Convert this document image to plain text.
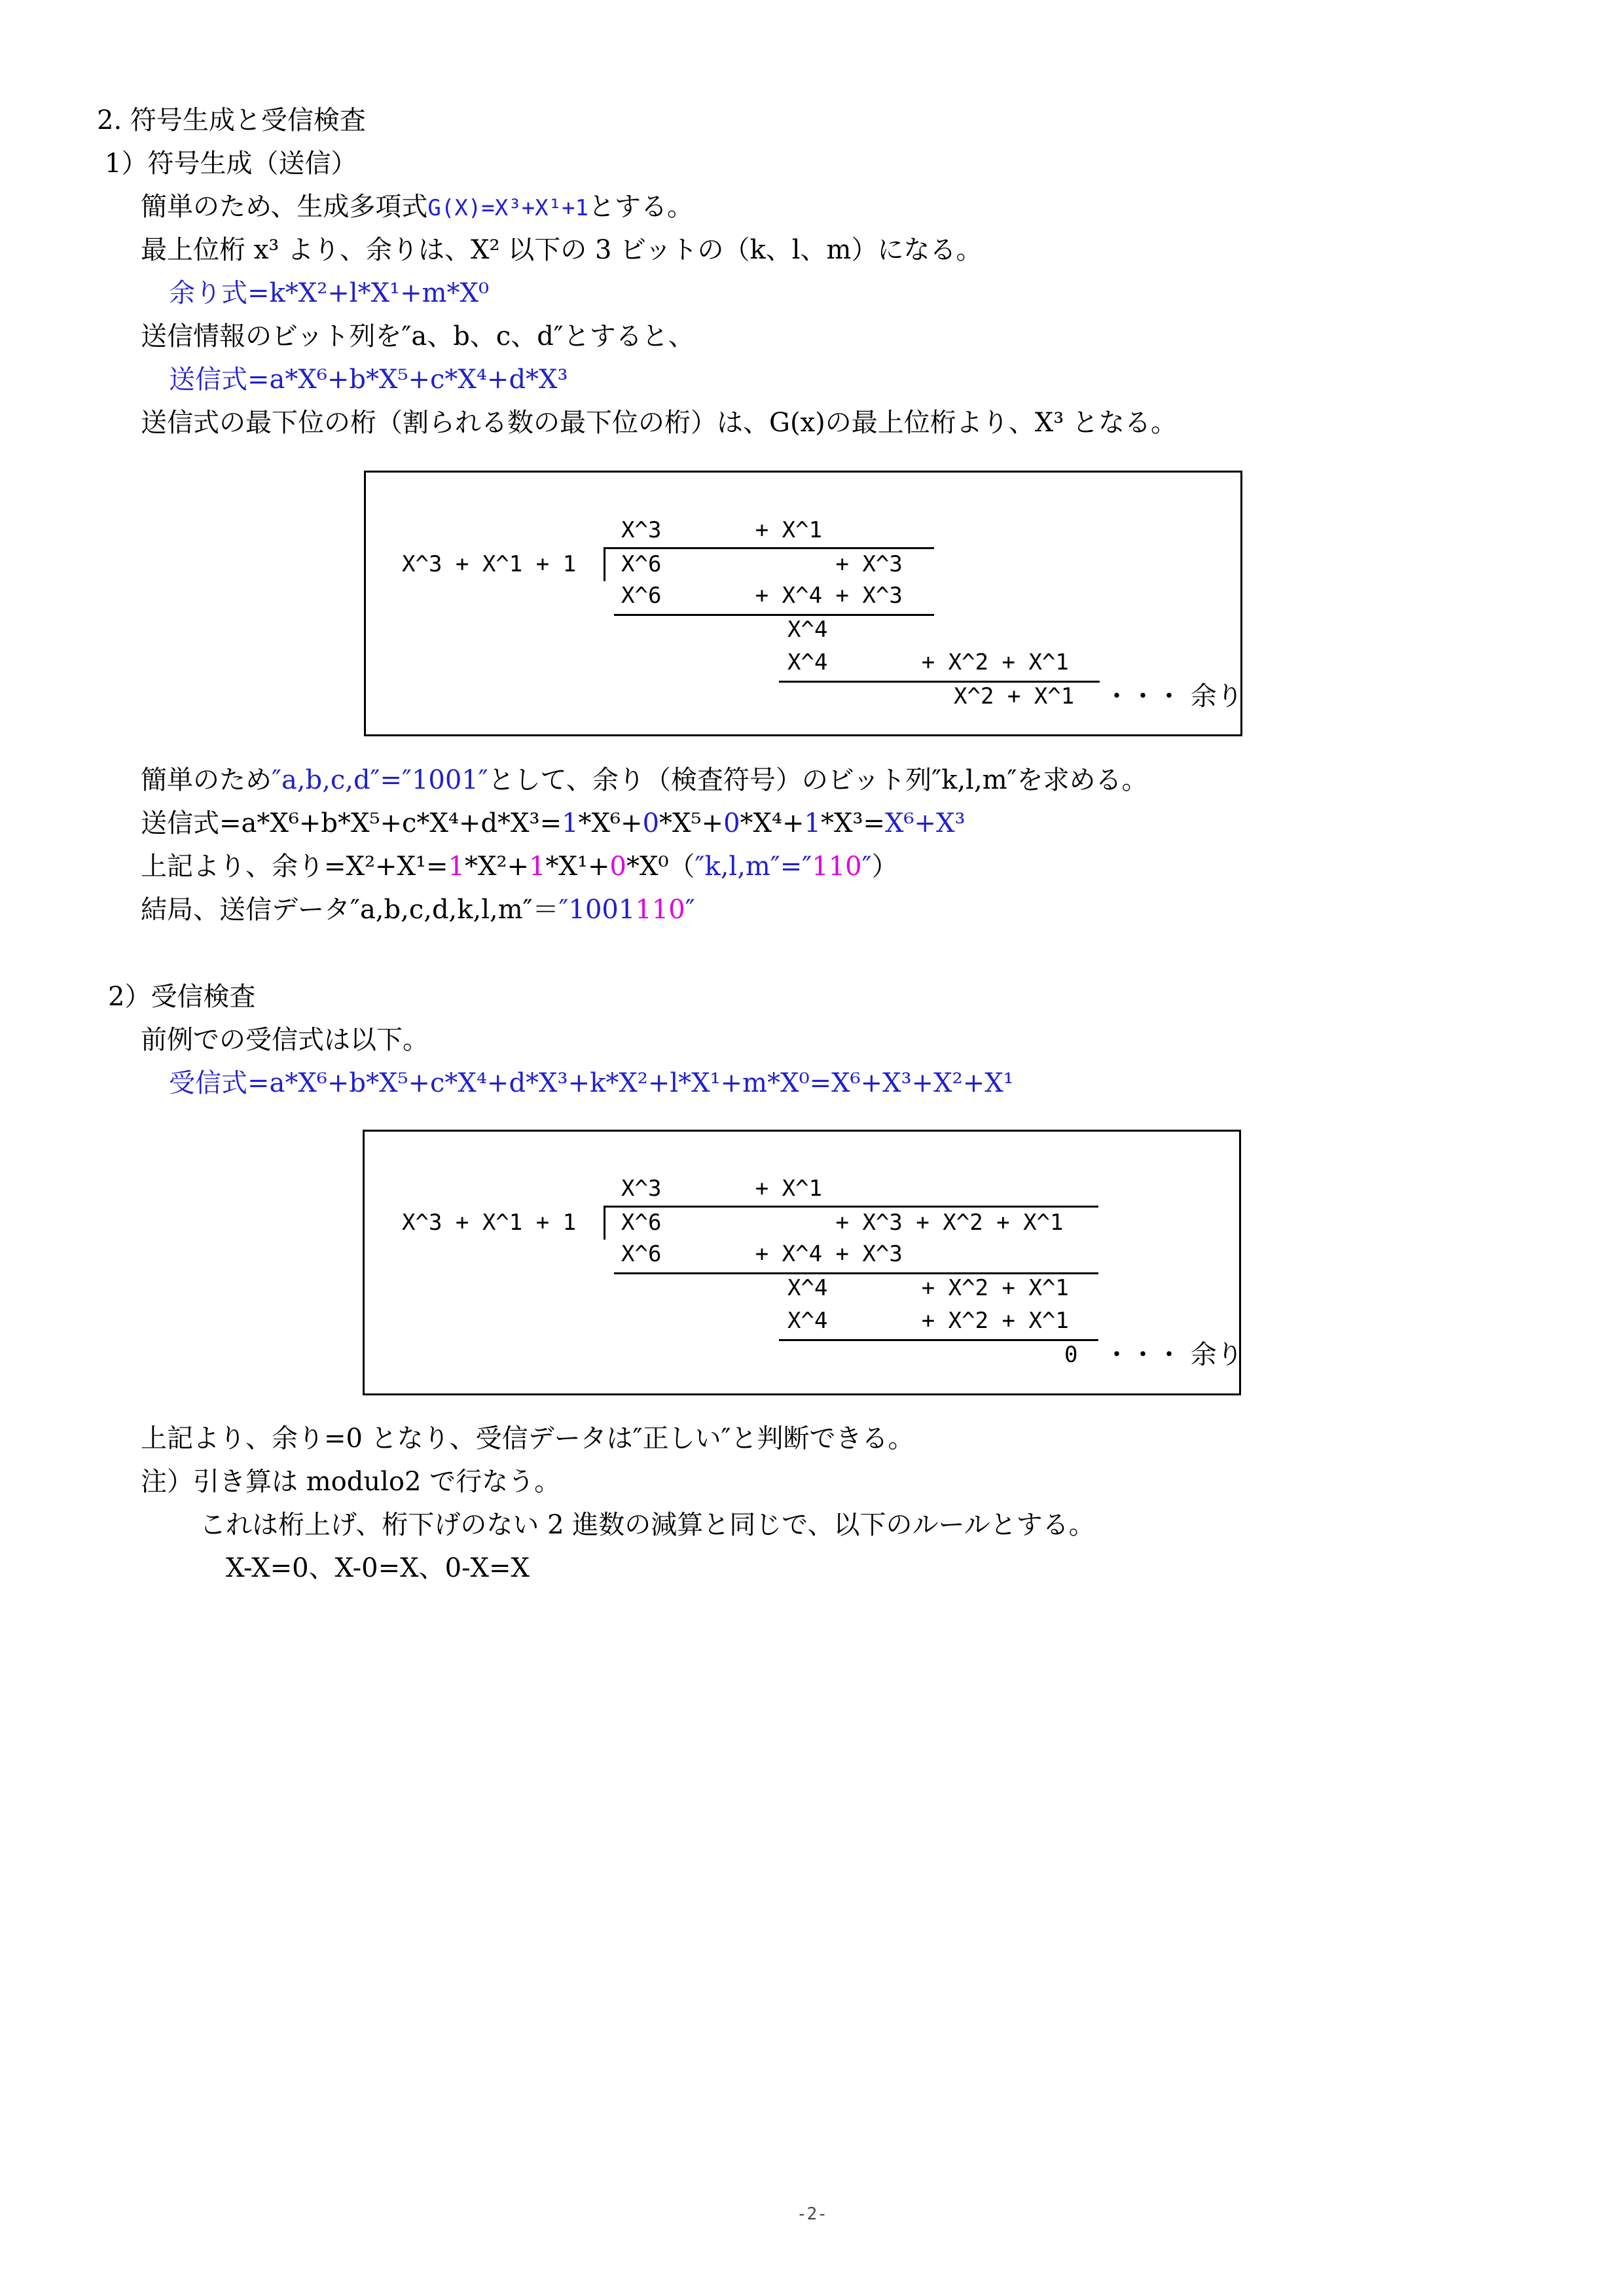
2. 符号生成と受信検査
1）符号生成（送信）
簡単のため、生成多項式G(X)=X³+X¹+1とする。
最上位桁 x³ より、余りは、X² 以下の 3 ビットの（k、l、m）になる。
余り式=k*X²+l*X¹+m*X⁰
送信情報のビット列を″a、b、c、d″とすると、
送信式=a*X⁶+b*X⁵+c*X⁴+d*X³
送信式の最下位の桁（割られる数の最下位の桁）は、G(x)の最上位桁より、X³ となる。
X^3       + X^1
X^3 + X^1 + 1 X^6             + X^3
X^6       + X^4 + X^3
X^4
X^4       + X^2 + X^1
X^2 + X^1 ・・・ 余り
簡単のため″a,b,c,d″=″1001″として、余り（検査符号）のビット列″k,l,m″を求める。
送信式=a*X⁶+b*X⁵+c*X⁴+d*X³=1*X⁶+0*X⁵+0*X⁴+1*X³=X⁶+X³
上記より、余り=X²+X¹=1*X²+1*X¹+0*X⁰（″k,l,m″=″110″）
結局、送信データ″a,b,c,d,k,l,m″＝″1001110″
2）受信検査
前例での受信式は以下。
受信式=a*X⁶+b*X⁵+c*X⁴+d*X³+k*X²+l*X¹+m*X⁰=X⁶+X³+X²+X¹
X^3       + X^1
X^3 + X^1 + 1 X^6             + X^3 + X^2 + X^1
X^6       + X^4 + X^3
X^4       + X^2 + X^1
X^4       + X^2 + X^1
0 ・・・ 余り
上記より、余り=0 となり、受信データは″正しい″と判断できる。
注）引き算は modulo2 で行なう。
これは桁上げ、桁下げのない 2 進数の減算と同じで、以下のルールとする。
X-X=0、X-0=X、0-X=X
-2-
